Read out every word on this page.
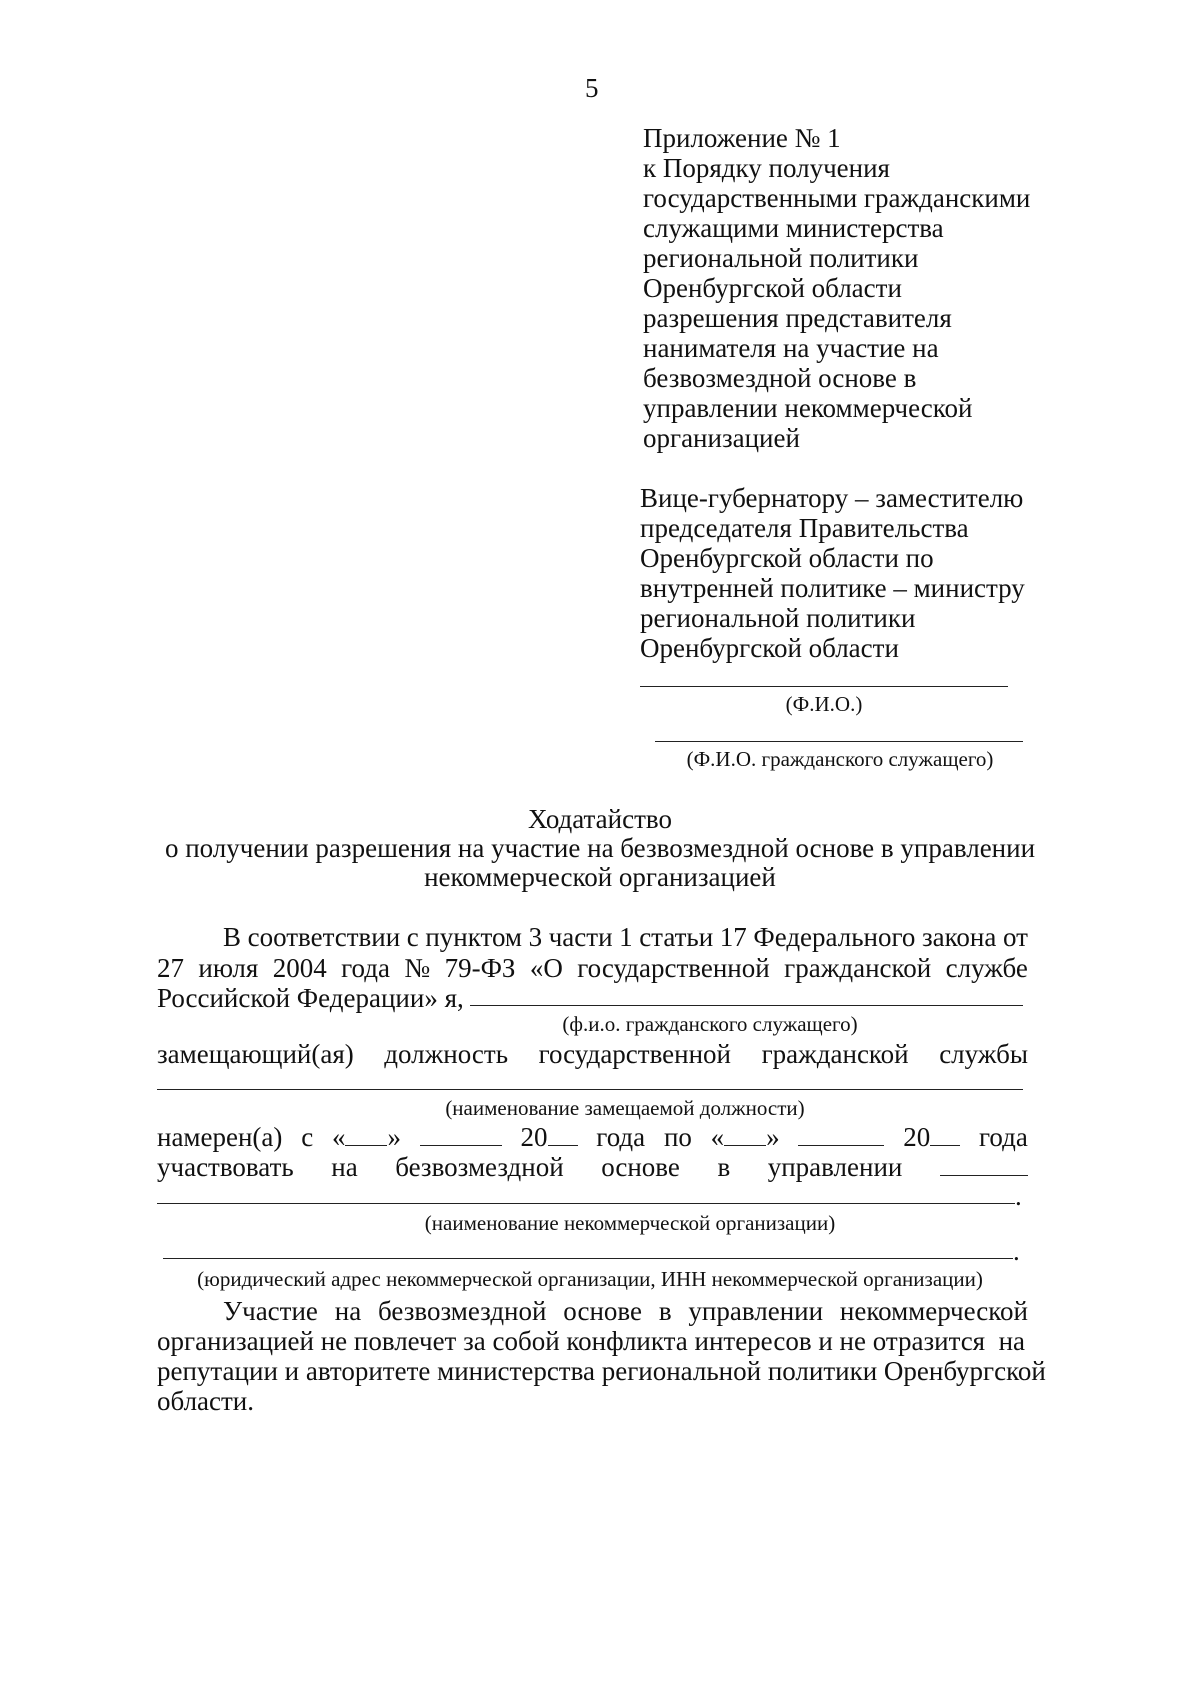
5
Приложение № 1
к Порядку получения
государственными гражданскими
служащими министерства
региональной политики
Оренбургской области
разрешения представителя
нанимателя на участие на
безвозмездной основе в
управлении некоммерческой
организацией
Вице-губернатору – заместителю
председателя Правительства
Оренбургской области по
внутренней политике – министру
региональной политики
Оренбургской области
(Ф.И.О.)
(Ф.И.О. гражданского служащего)
Ходатайство
о получении разрешения на участие на безвозмездной основе в управлении
некоммерческой организацией
В соответствии с пунктом 3 части 1 статьи 17 Федерального закона от
27 июля 2004 года № 79-ФЗ «О государственной гражданской службе
Российской Федерации» я,
(ф.и.о. гражданского служащего)
замещающий(ая) должность государственной гражданской службы
(наименование замещаемой должности)
намерен(а) с « »	20	года по « »	20	года
участвовать на безвозмездной основе в управлении
.
(наименование некоммерческой организации)
.
(юридический адрес некоммерческой организации, ИНН некоммерческой организации)
Участие на безвозмездной основе в управлении некоммерческой
организацией не повлечет за собой конфликта интересов и не отразится  на
репутации и авторитете министерства региональной политики Оренбургской
области.
